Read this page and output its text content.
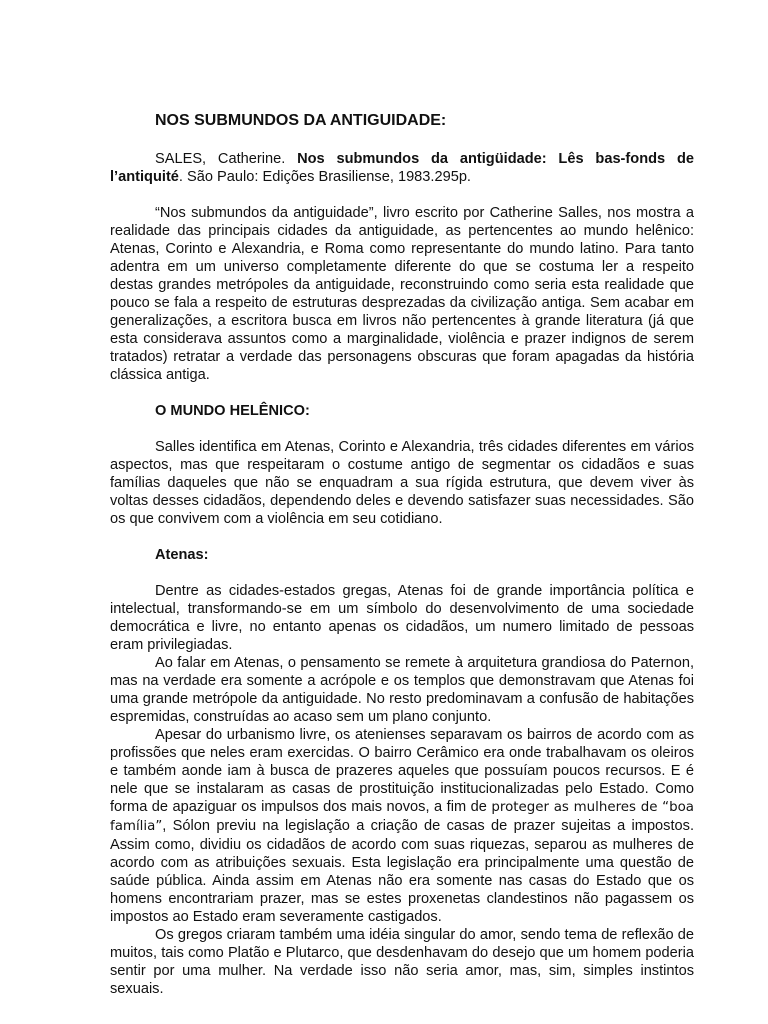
NOS SUBMUNDOS DA ANTIGUIDADE:

SALES, Catherine. Nos submundos da antigüidade: Lês bas-fonds de l’antiquité. São Paulo: Edições Brasiliense, 1983.295p.

“Nos submundos da antiguidade”, livro escrito por Catherine Salles, nos mostra a realidade das principais cidades da antiguidade, as pertencentes ao mundo helênico: Atenas, Corinto e Alexandria, e Roma como representante do mundo latino. Para tanto adentra em um universo completamente diferente do que se costuma ler a respeito destas grandes metrópoles da antiguidade, reconstruindo como seria esta realidade que pouco se fala a respeito de estruturas desprezadas da civilização antiga. Sem acabar em generalizações, a escritora busca em livros não pertencentes à grande literatura (já que esta considerava assuntos como a marginalidade, violência e prazer indignos de serem tratados) retratar a verdade das personagens obscuras que foram apagadas da história clássica antiga.

O MUNDO HELÊNICO:

Salles identifica em Atenas, Corinto e Alexandria, três cidades diferentes em vários aspectos, mas que respeitaram o costume antigo de segmentar os cidadãos e suas famílias daqueles que não se enquadram a sua rígida estrutura, que devem viver às voltas desses cidadãos, dependendo deles e devendo satisfazer suas necessidades. São os que convivem com a violência em seu cotidiano.

Atenas:

Dentre as cidades-estados gregas, Atenas foi de grande importância política e intelectual, transformando-se em um símbolo do desenvolvimento de uma sociedade democrática e livre, no entanto apenas os cidadãos, um numero limitado de pessoas eram privilegiadas.

Ao falar em Atenas, o pensamento se remete à arquitetura grandiosa do Paternon, mas na verdade era somente a acrópole e os templos que demonstravam que Atenas foi uma grande metrópole da antiguidade. No resto predominavam a confusão de habitações espremidas, construídas ao acaso sem um plano conjunto.

Apesar do urbanismo livre, os atenienses separavam os bairros de acordo com as profissões que neles eram exercidas. O bairro Cerâmico era onde trabalhavam os oleiros e também aonde iam à busca de prazeres aqueles que possuíam poucos recursos. E é nele que se instalaram as casas de prostituição institucionalizadas pelo Estado. Como forma de apaziguar os impulsos dos mais novos, a fim de proteger as mulheres de “boa família”, Sólon previu na legislação a criação de casas de prazer sujeitas a impostos. Assim como, dividiu os cidadãos de acordo com suas riquezas, separou as mulheres de acordo com as atribuições sexuais. Esta legislação era principalmente uma questão de saúde pública. Ainda assim em Atenas não era somente nas casas do Estado que os homens encontrariam prazer, mas se estes proxenetas clandestinos não pagassem os impostos ao Estado eram severamente castigados.

Os gregos criaram também uma idéia singular do amor, sendo tema de reflexão de muitos, tais como Platão e Plutarco, que desdenhavam do desejo que um homem poderia sentir por uma mulher. Na verdade isso não seria amor, mas, sim, simples instintos sexuais.
